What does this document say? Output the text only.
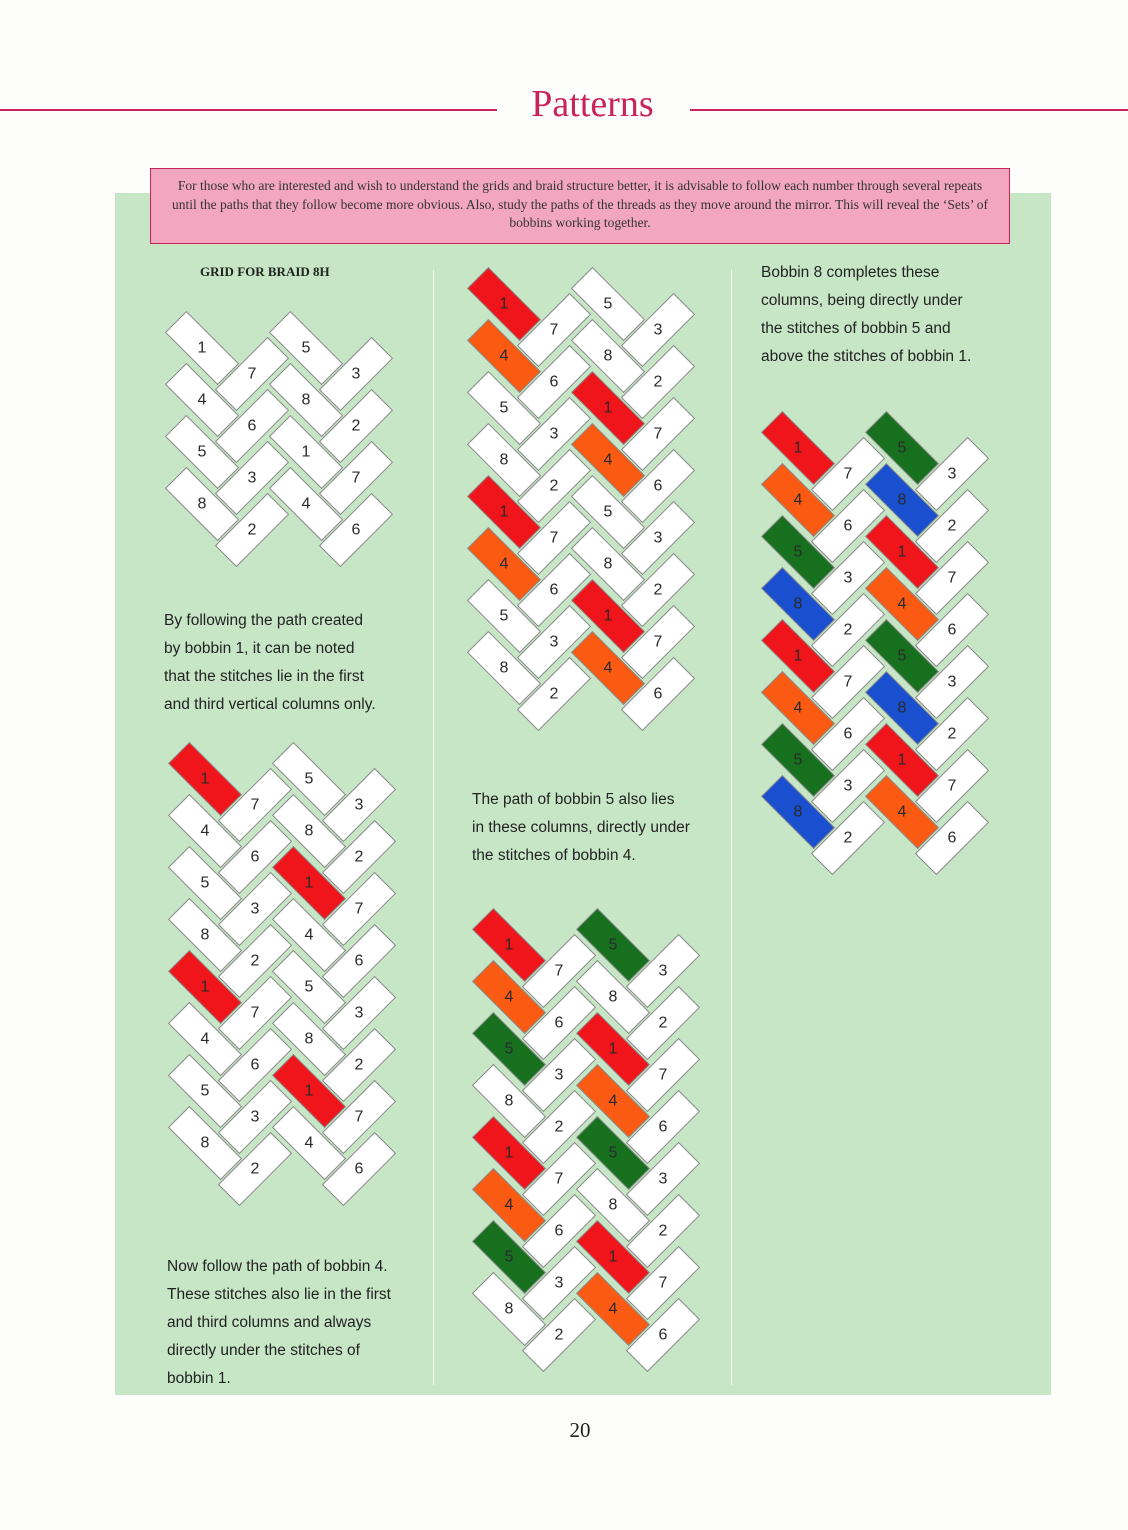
Patterns
For those who are interested and wish to understand the grids and braid structure better, it is advisable to follow each number through several repeats until the paths that they follow become more obvious. Also, study the paths of the threads as they move around the mirror. This will reveal the ‘Sets’ of bobbins working together.
GRID FOR BRAID 8H
1
4
5
8
7
6
3
2
5
8
1
4
3
2
7
6
By following the path created
by bobbin 1, it can be noted
that the stitches lie in the first
and third vertical columns only.
1
4
5
8
1
4
5
8
7
6
3
2
7
6
3
2
5
8
1
4
5
8
1
4
3
2
7
6
3
2
7
6
Now follow the path of bobbin 4.
These stitches also lie in the first
and third columns and always
directly under the stitches of
bobbin 1.
1
4
5
8
1
4
5
8
7
6
3
2
7
6
3
2
5
8
1
4
5
8
1
4
3
2
7
6
3
2
7
6
The path of bobbin 5 also lies
in these columns, directly under
the stitches of bobbin 4.
1
4
5
8
1
4
5
8
7
6
3
2
7
6
3
2
5
8
1
4
5
8
1
4
3
2
7
6
3
2
7
6
Bobbin 8 completes these
columns, being directly under
the stitches of bobbin 5 and
above the stitches of bobbin 1.
1
4
5
8
1
4
5
8
7
6
3
2
7
6
3
2
5
8
1
4
5
8
1
4
3
2
7
6
3
2
7
6
20
